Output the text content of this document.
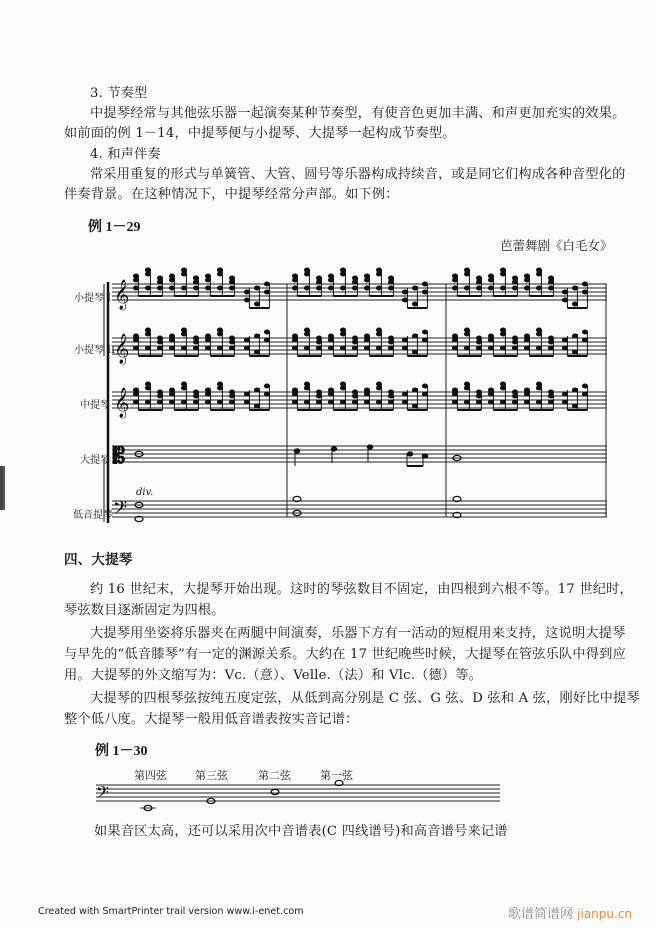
3. 节奏型
中提琴经常与其他弦乐器一起演奏某种节奏型，有使音色更加丰满、和声更加充实的效果。
如前面的例 1－14，中提琴便与小提琴、大提琴一起构成节奏型。
4. 和声伴奏
常采用重复的形式与单簧管、大管、圆号等乐器构成持续音，或是同它们构成各种音型化的
伴奏背景。在这种情况下，中提琴经常分声部。如下例：
例 1－29
芭蕾舞剧《白毛女》
小提琴 I
小提琴 II
中提琴
大提琴
低音提琴
div.
𝄞
𝄞
𝄞
𝄡
𝄢
𝄢
四、大提琴
约 16 世纪末，大提琴开始出现。这时的琴弦数目不固定，由四根到六根不等。17 世纪时，
琴弦数目逐渐固定为四根。
大提琴用坐姿将乐器夹在两腿中间演奏，乐器下方有一活动的短棍用来支持，这说明大提琴
与早先的“低音膝琴”有一定的渊源关系。大约在 17 世纪晚些时候，大提琴在管弦乐队中得到应
用。大提琴的外文缩写为：Vc.（意）、Velle.（法）和 Vlc.（德）等。
大提琴的四根琴弦按纯五度定弦，从低到高分别是 C 弦、G 弦、D 弦和 A 弦，刚好比中提琴
整个低八度。大提琴一般用低音谱表按实音记谱：
例 1－30
第四弦	第三弦	第二弦	第一弦
如果音区太高，还可以采用次中音谱表(C 四线谱号)和高音谱号来记谱
Created with SmartPrinter trail version www.i-enet.com	歌谱简谱网 jianpu.cn
